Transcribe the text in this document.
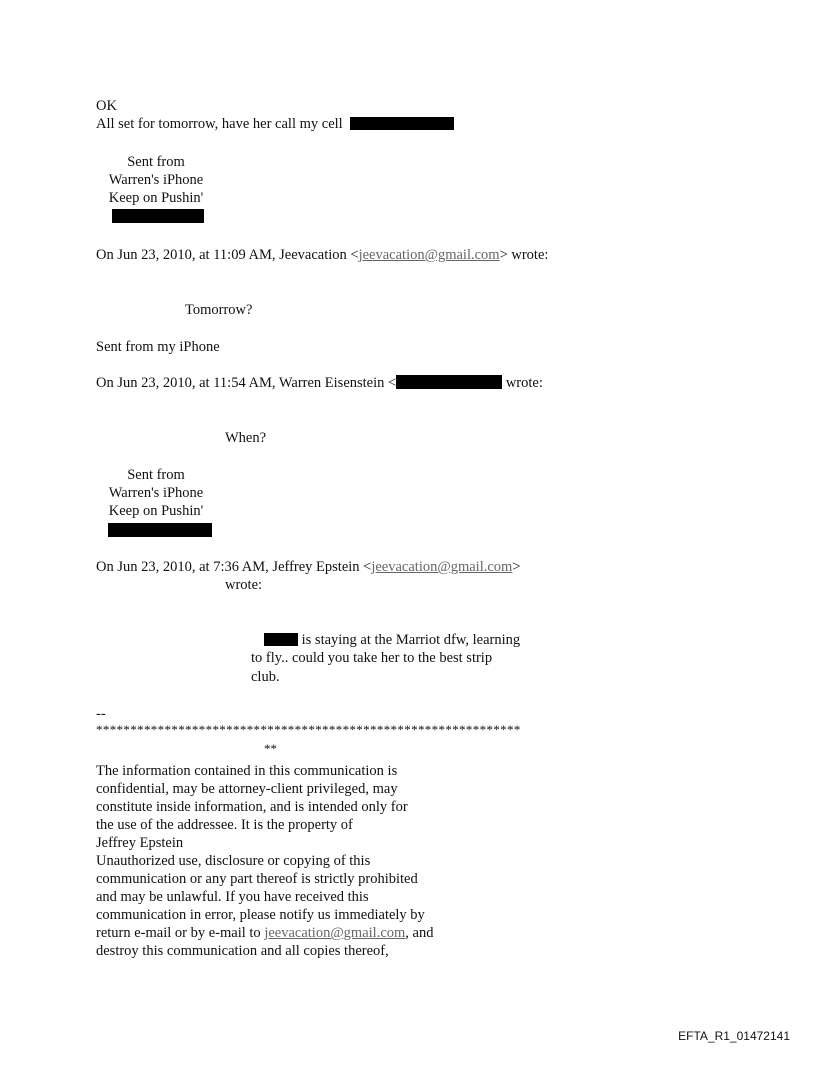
OK
All set for tomorrow, have her call my cell
Sent from
Warren's iPhone
Keep on Pushin'
On Jun 23, 2010, at 11:09 AM, Jeevacation <jeevacation@gmail.com> wrote:
Tomorrow?
Sent from my iPhone
On Jun 23, 2010, at 11:54 AM, Warren Eisenstein <	wrote:
When?
Sent from
Warren's iPhone
Keep on Pushin'
On Jun 23, 2010, at 7:36 AM, Jeffrey Epstein <jeevacation@gmail.com>
wrote:
is staying at the Marriot dfw, learning
to fly.. could you take her to the best strip
club.
--
**************************************************************
**
The information contained in this communication is
confidential, may be attorney-client privileged, may
constitute inside information, and is intended only for
the use of the addressee. It is the property of
Jeffrey Epstein
Unauthorized use, disclosure or copying of this
communication or any part thereof is strictly prohibited
and may be unlawful. If you have received this
communication in error, please notify us immediately by
return e-mail or by e-mail to jeevacation@gmail.com, and
destroy this communication and all copies thereof,
EFTA_R1_01472141
